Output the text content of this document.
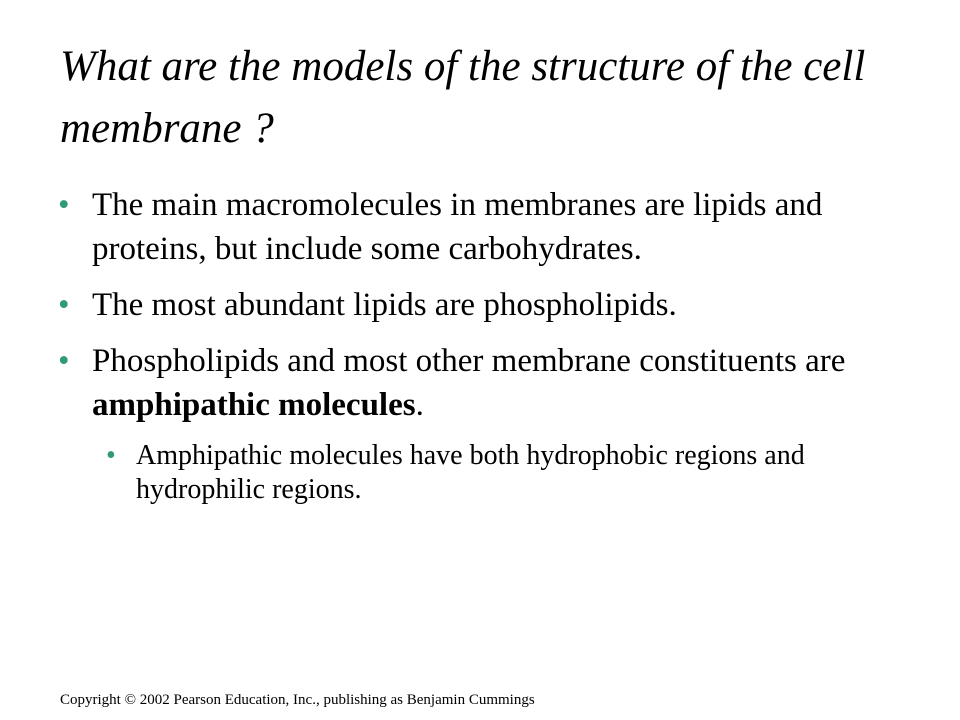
What are the models of the structure of the cell membrane ?
• The main macromolecules in membranes are lipids and proteins, but include some carbohydrates.
• The most abundant lipids are phospholipids.
• Phospholipids and most other membrane constituents are amphipathic molecules.
• Amphipathic molecules have both hydrophobic regions and hydrophilic regions.
Copyright © 2002 Pearson Education, Inc., publishing as Benjamin Cummings
